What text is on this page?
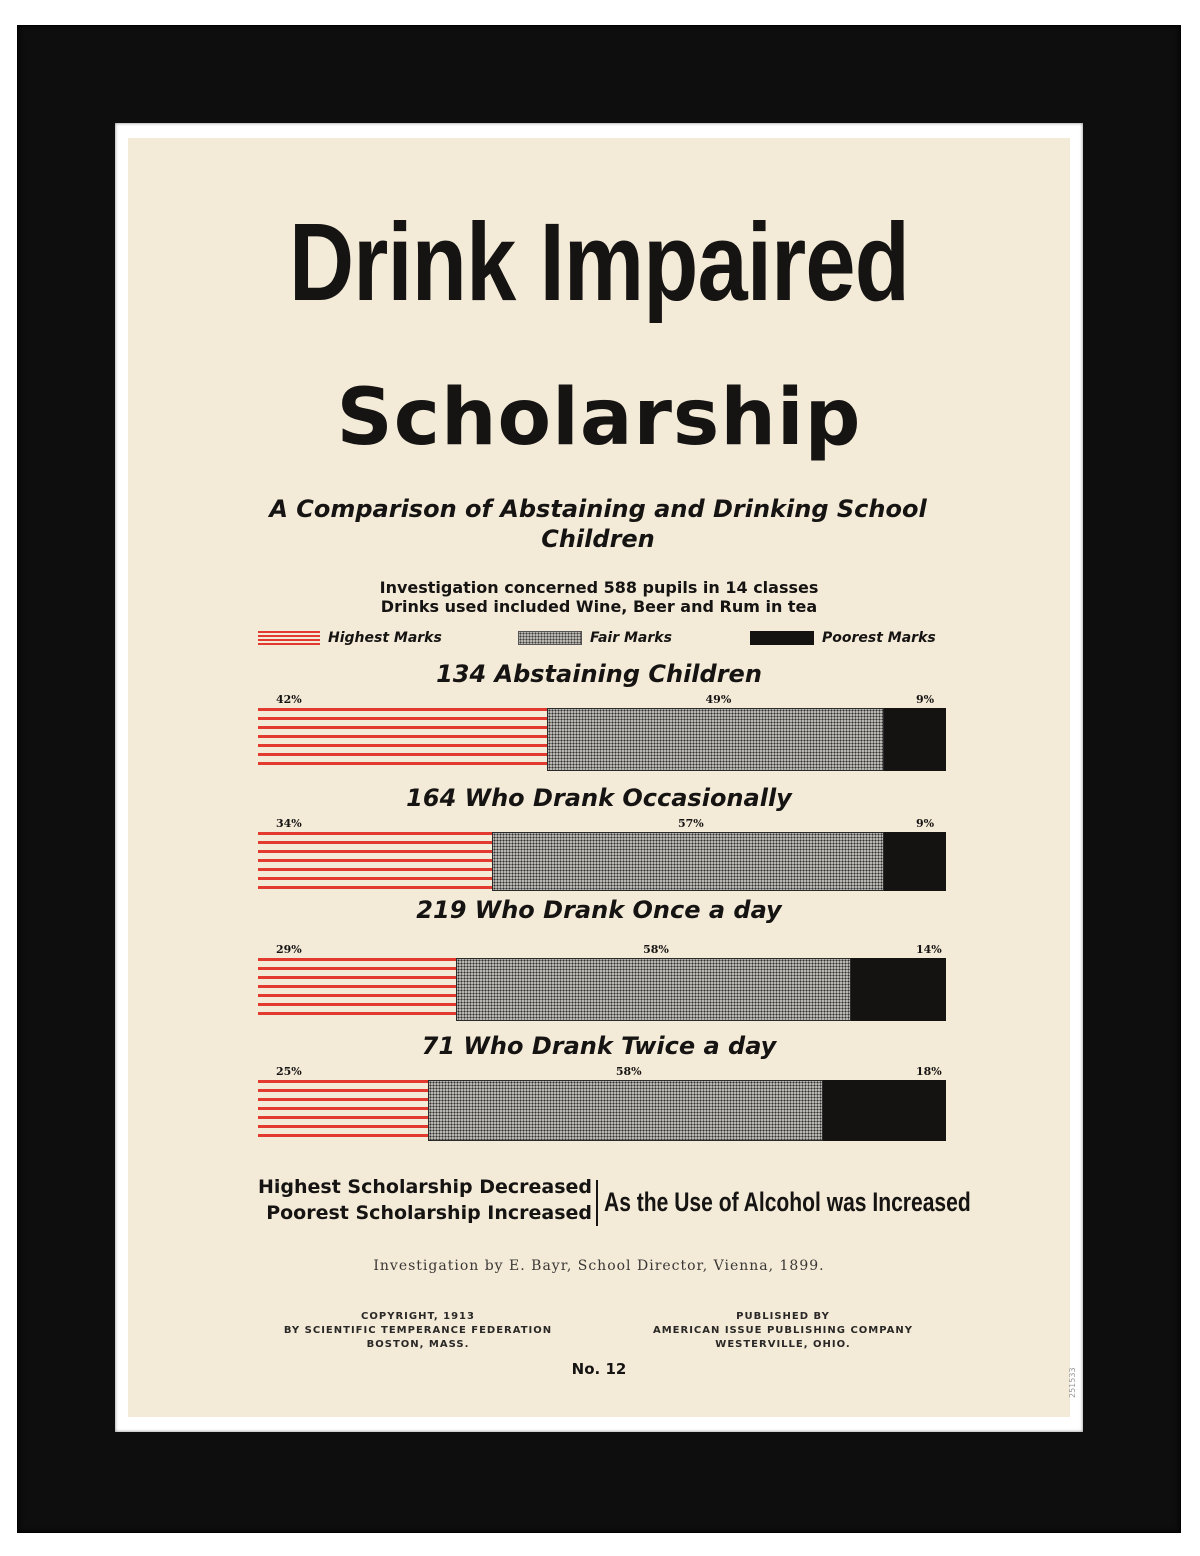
Drink Impaired
Scholarship
A Comparison of Abstaining and Drinking School Children
Investigation concerned 588 pupils in 14 classes
Drinks used included Wine, Beer and Rum in tea
Highest Marks	Fair Marks	Poorest Marks
134 Abstaining Children
42%	49%	9%
164 Who Drank Occasionally
34%	57%	9%
219 Who Drank Once a day
29%	58%	14%
71 Who Drank Twice a day
25%	58%	18%
Highest Scholarship Decreased
Poorest Scholarship Increased As the Use of Alcohol was Increased
Investigation by E. Bayr, School Director, Vienna, 1899.
COPYRIGHT, 1913
BY SCIENTIFIC TEMPERANCE FEDERATION
BOSTON, MASS.
PUBLISHED BY
AMERICAN ISSUE PUBLISHING COMPANY
WESTERVILLE, OHIO.
No. 12	251533
